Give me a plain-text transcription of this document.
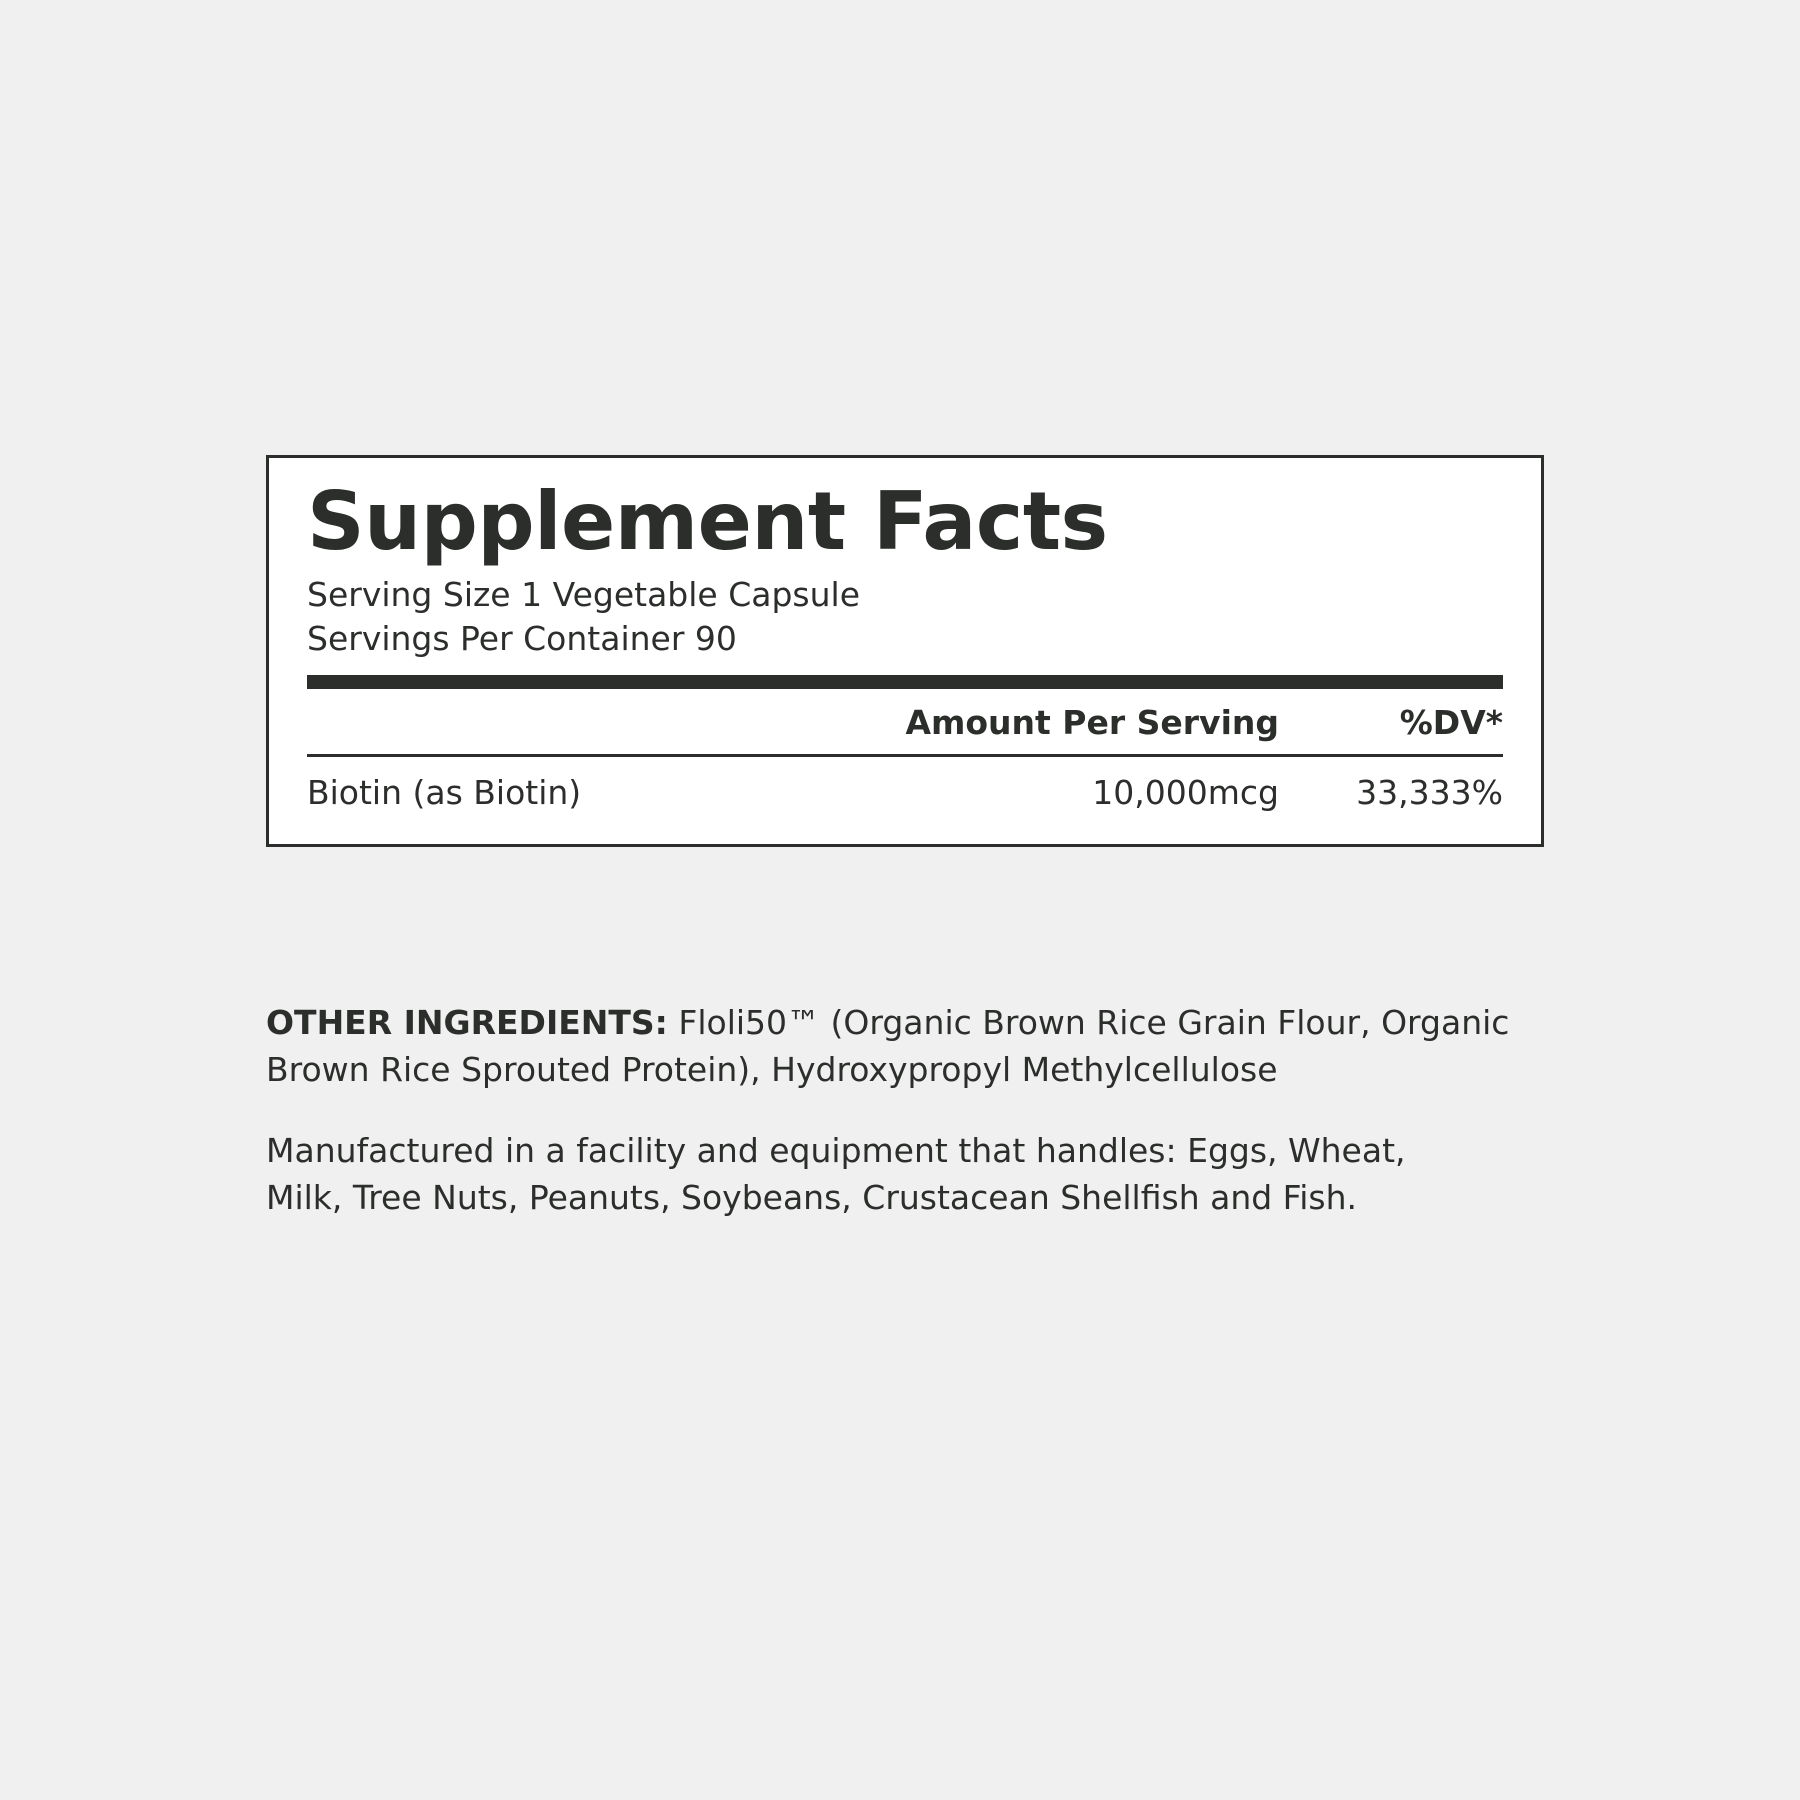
Supplement Facts
Serving Size 1 Vegetable Capsule
Servings Per Container 90
	Amount Per Serving	%DV*
Biotin (as Biotin)	10,000mcg	33,333%

OTHER INGREDIENTS: Floli50™ (Organic Brown Rice Grain Flour, Organic Brown Rice Sprouted Protein), Hydroxypropyl Methylcellulose

Manufactured in a facility and equipment that handles: Eggs, Wheat, Milk, Tree Nuts, Peanuts, Soybeans, Crustacean Shellfish and Fish.
